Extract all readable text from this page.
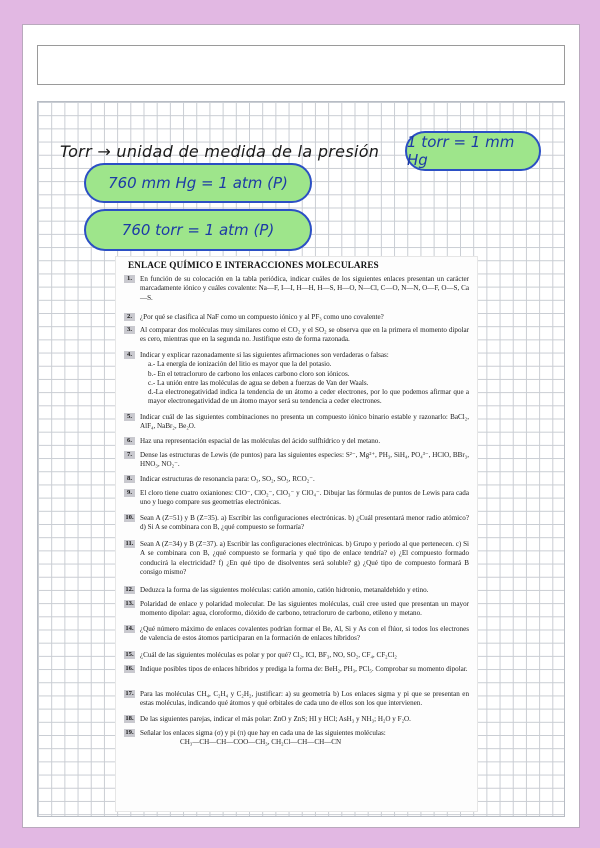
Torr → unidad de medida de la presión 1 torr = 1 mm Hg
760 mm Hg = 1 atm (P)
760 torr = 1 atm (P)
ENLACE QUÍMICO E INTERACCIONES MOLECULARES
1.	En función de su colocación en la tabla periódica, indicar cuáles de los siguientes enlaces presentan un carácter marcadamente iónico y cuáles covalente: Na—F, I—I, H—H, H—S, H—O, N—Cl, C—O, N—N, O—F, O—S, Ca—S.
2.	¿Por qué se clasifica al NaF como un compuesto iónico y al PF₃ como uno covalente?
3.	Al comparar dos moléculas muy similares como el CO₂ y el SO₂ se observa que en la primera el momento dipolar es cero, mientras que en la segunda no. Justifique esto de forma razonada.
4.	Indicar y explicar razonadamente si las siguientes afirmaciones son verdaderas o falsas:
a.- La energía de ionización del litio es mayor que la del potasio.
b.- En el tetracloruro de carbono los enlaces carbono cloro son iónicos.
c.- La unión entre las moléculas de agua se deben a fuerzas de Van der Waals.
d.-La electronegatividad indica la tendencia de un átomo a ceder electrones, por lo que podemos afirmar que a mayor electronegatividad de un átomo mayor será su tendencia a ceder electrones.
5.	Indicar cuál de las siguientes combinaciones no presenta un compuesto iónico binario estable y razonarlo: BaCl₂, AlF₄, NaBr₂, Be₂O.
6.	Haz una representación espacial de las moléculas del ácido sulfhídrico y del metano.
7.	Dense las estructuras de Lewis (de puntos) para las siguientes especies: S²⁻, Mg²⁺, PH₃, SiH₄, PO₄³⁻, HClO, BBr₃, HNO₃, NO₂⁻.
8.	Indicar estructuras de resonancia para: O₃, SO₂, SO₃, RCO₂⁻.
9.	El cloro tiene cuatro oxianiones: ClO⁻, ClO₂⁻, ClO₃⁻ y ClO₄⁻. Dibujar las fórmulas de puntos de Lewis para cada uno y luego compare sus geometrías electrónicas.
10. Sean A (Z=51) y B (Z=35). a) Escribir las configuraciones electrónicas. b) ¿Cuál presentará menor radio atómico? d) Si A se combinara con B, ¿qué compuesto se formaría?
11. Sean A (Z=34) y B (Z=37). a) Escribir las configuraciones electrónicas. b) Grupo y periodo al que pertenecen. c) Si A se combinara con B, ¿qué compuesto se formaría y qué tipo de enlace tendría? e) ¿El compuesto formado conducirá la electricidad? f) ¿En qué tipo de disolventes será soluble? g) ¿Qué tipo de compuesto formará B consigo mismo?
12. Deduzca la forma de las siguientes moléculas: catión amonio, catión hidronio, metanaldehído y etino.
13. Polaridad de enlace y polaridad molecular. De las siguientes moléculas, cuál cree usted que presentan un mayor momento dipolar: agua, cloroformo, dióxido de carbono, tetracloruro de carbono, etileno y metano.
14. ¿Qué número máximo de enlaces covalentes podrían formar el Be, Al, Si y As con el flúor, si todos los electrones de valencia de estos átomos participaran en la formación de enlaces híbridos?
15. ¿Cuál de las siguientes moléculas es polar y por qué? Cl₂, ICl, BF₃, NO, SO₂, CF₄, CF₂Cl₂
16. Indique posibles tipos de enlaces híbridos y prediga la forma de: BeH₂, PH₃, PCl₅. Comprobar su momento dipolar.
17. Para las moléculas CH₄, C₂H₄ y C₂H₂, justificar: a) su geometría b) Los enlaces sigma y pi que se presentan en estas moléculas, indicando qué átomos y qué orbitales de cada uno de ellos son los que intervienen.
18. De las siguientes parejas, indicar el más polar: ZnO y ZnS; HI y HCl; AsH₃ y NH₃; H₂O y F₂O.
19. Señalar los enlaces sigma (σ) y pi (π) que hay en cada una de las siguientes moléculas:
CH₃—CH—CH—COO—CH₃, CH₂Cl—CH—CH—CN
